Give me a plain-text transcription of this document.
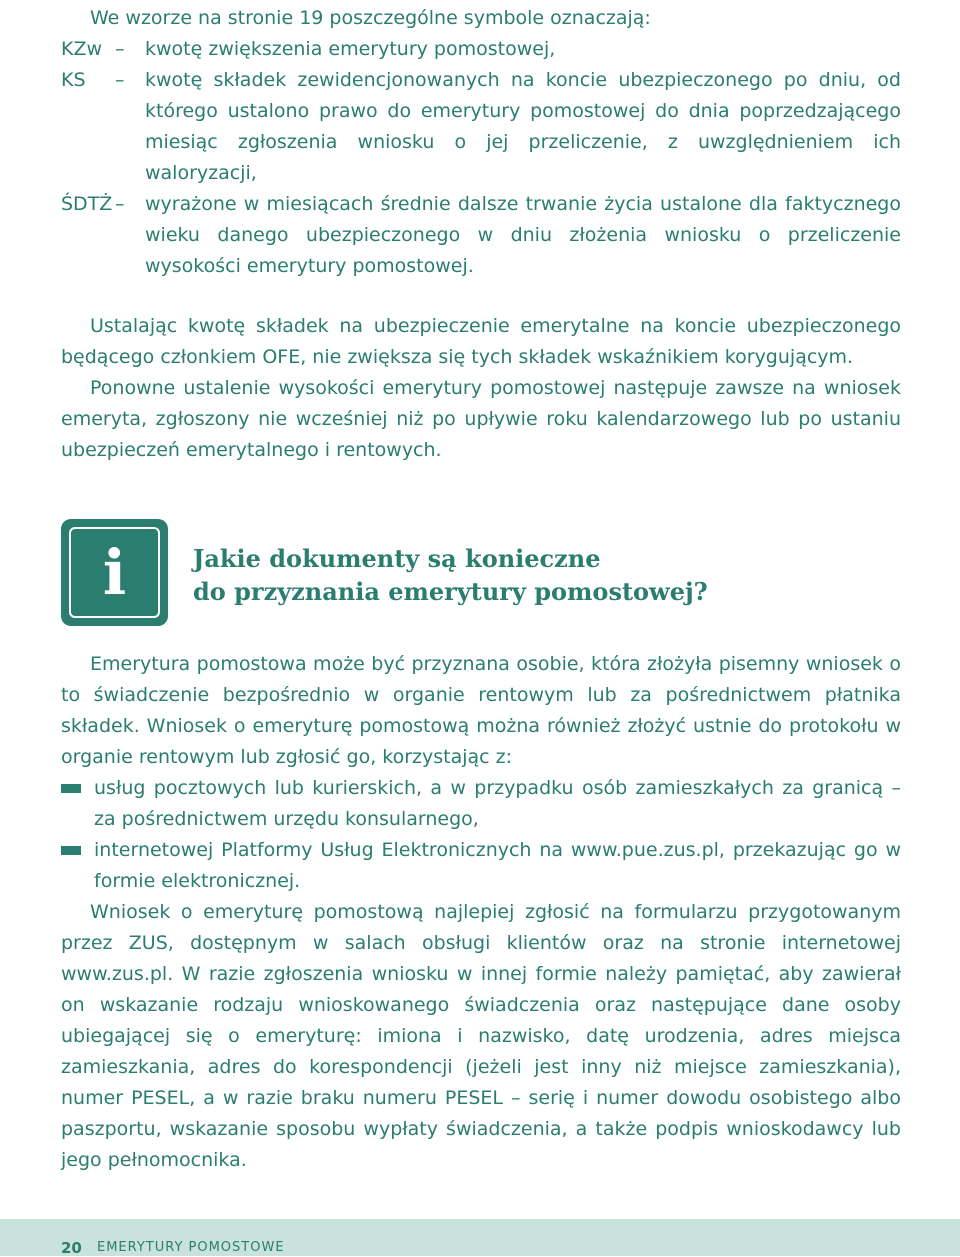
We wzorze na stronie 19 poszczególne symbole oznaczają:

KZw –	kwotę zwiększenia emerytury pomostowej,
KS	–	kwotę składek zewidencjonowanych na koncie ubezpieczonego po dniu, od którego ustalono prawo do emerytury pomostowej do dnia poprzedzającego miesiąc zgłoszenia wniosku o jej przeliczenie, z uwzględnieniem ich waloryzacji,
ŚDTŻ –	wyrażone w miesiącach średnie dalsze trwanie życia ustalone dla faktycznego wieku danego ubezpieczonego w dniu złożenia wniosku o przeliczenie wysokości emerytury pomostowej.

Ustalając kwotę składek na ubezpieczenie emerytalne na koncie ubezpieczonego będącego członkiem OFE, nie zwiększa się tych składek wskaźnikiem korygującym.

Ponowne ustalenie wysokości emerytury pomostowej następuje zawsze na wniosek emeryta, zgłoszony nie wcześniej niż po upływie roku kalendarzowego lub po ustaniu ubezpieczeń emerytalnego i rentowych.

i	Jakie dokumenty są konieczne
do przyznania emerytury pomostowej?

Emerytura pomostowa może być przyznana osobie, która złożyła pisemny wniosek o to świadczenie bezpośrednio w organie rentowym lub za pośrednictwem płatnika składek. Wniosek o emeryturę pomostową można również złożyć ustnie do protokołu w organie rentowym lub zgłosić go, korzystając z:

usług pocztowych lub kurierskich, a w przypadku osób zamieszkałych za granicą – za pośrednictwem urzędu konsularnego,
internetowej Platformy Usług Elektronicznych na www.pue.zus.pl, przekazując go w formie elektronicznej.

Wniosek o emeryturę pomostową najlepiej zgłosić na formularzu przygotowanym przez ZUS, dostępnym w salach obsługi klientów oraz na stronie internetowej www.zus.pl. W razie zgłoszenia wniosku w innej formie należy pamiętać, aby zawierał on wskazanie rodzaju wnioskowanego świadczenia oraz następujące dane osoby ubiegającej się o emeryturę: imiona i nazwisko, datę urodzenia, adres miejsca zamieszkania, adres do korespondencji (jeżeli jest inny niż miejsce zamieszkania), numer PESEL, a w razie braku numeru PESEL – serię i numer dowodu osobistego albo paszportu, wskazanie sposobu wypłaty świadczenia, a także podpis wnioskodawcy lub jego pełnomocnika.

20 EMERYTURY POMOSTOWE
